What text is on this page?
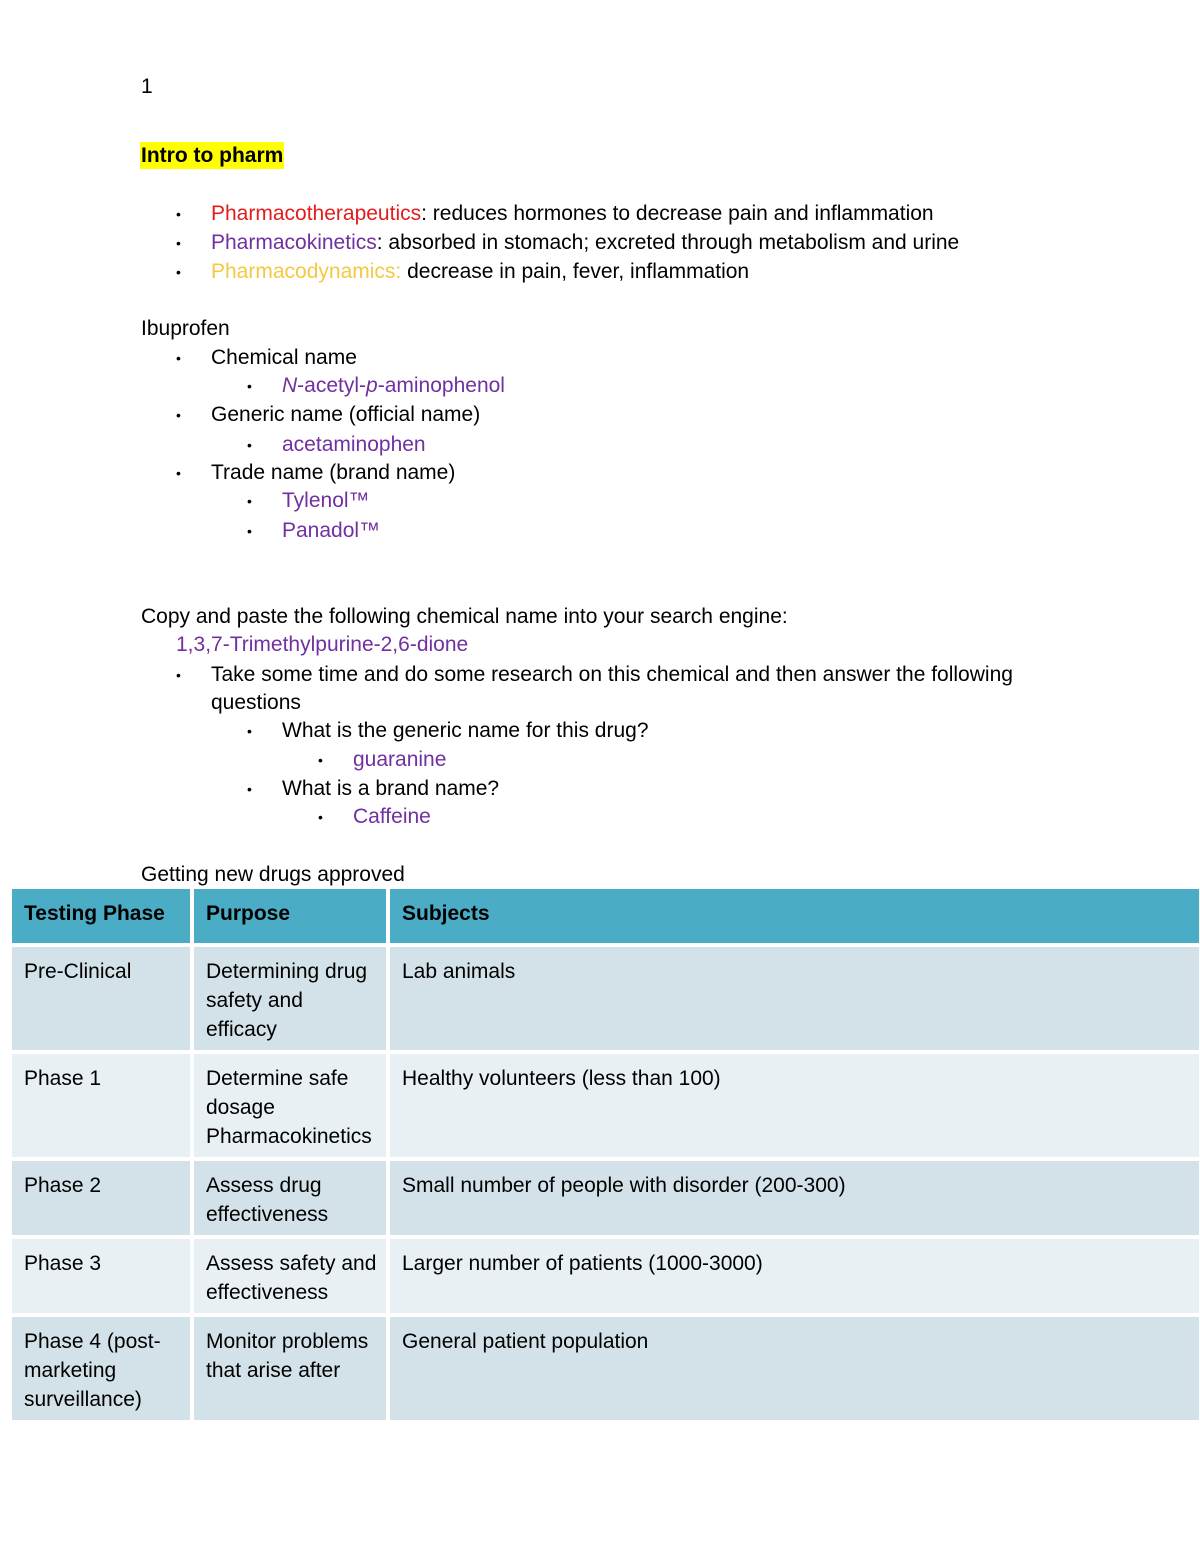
1
Intro to pharm
• Pharmacotherapeutics: reduces hormones to decrease pain and inflammation
• Pharmacokinetics: absorbed in stomach; excreted through metabolism and urine
• Pharmacodynamics: decrease in pain, fever, inflammation
Ibuprofen
• Chemical name
• N-acetyl-p-aminophenol
• Generic name (official name)
• acetaminophen
• Trade name (brand name)
• Tylenol™
• Panadol™
Copy and paste the following chemical name into your search engine:
1,3,7-Trimethylpurine-2,6-dione
• Take some time and do some research on this chemical and then answer the following
questions
• What is the generic name for this drug?
• guaranine
• What is a brand name?
• Caffeine
Getting new drugs approved
Testing Phase	Purpose	Subjects
Pre-Clinical	Determining drug safety and efficacy	Lab animals
Phase 1	Determine safe dosage Pharmacokinetics	Healthy volunteers (less than 100)
Phase 2	Assess drug effectiveness	Small number of people with disorder (200-300)
Phase 3	Assess safety and effectiveness	Larger number of patients (1000-3000)
Phase 4 (post-marketing surveillance)	Monitor problems that arise after	General patient population
